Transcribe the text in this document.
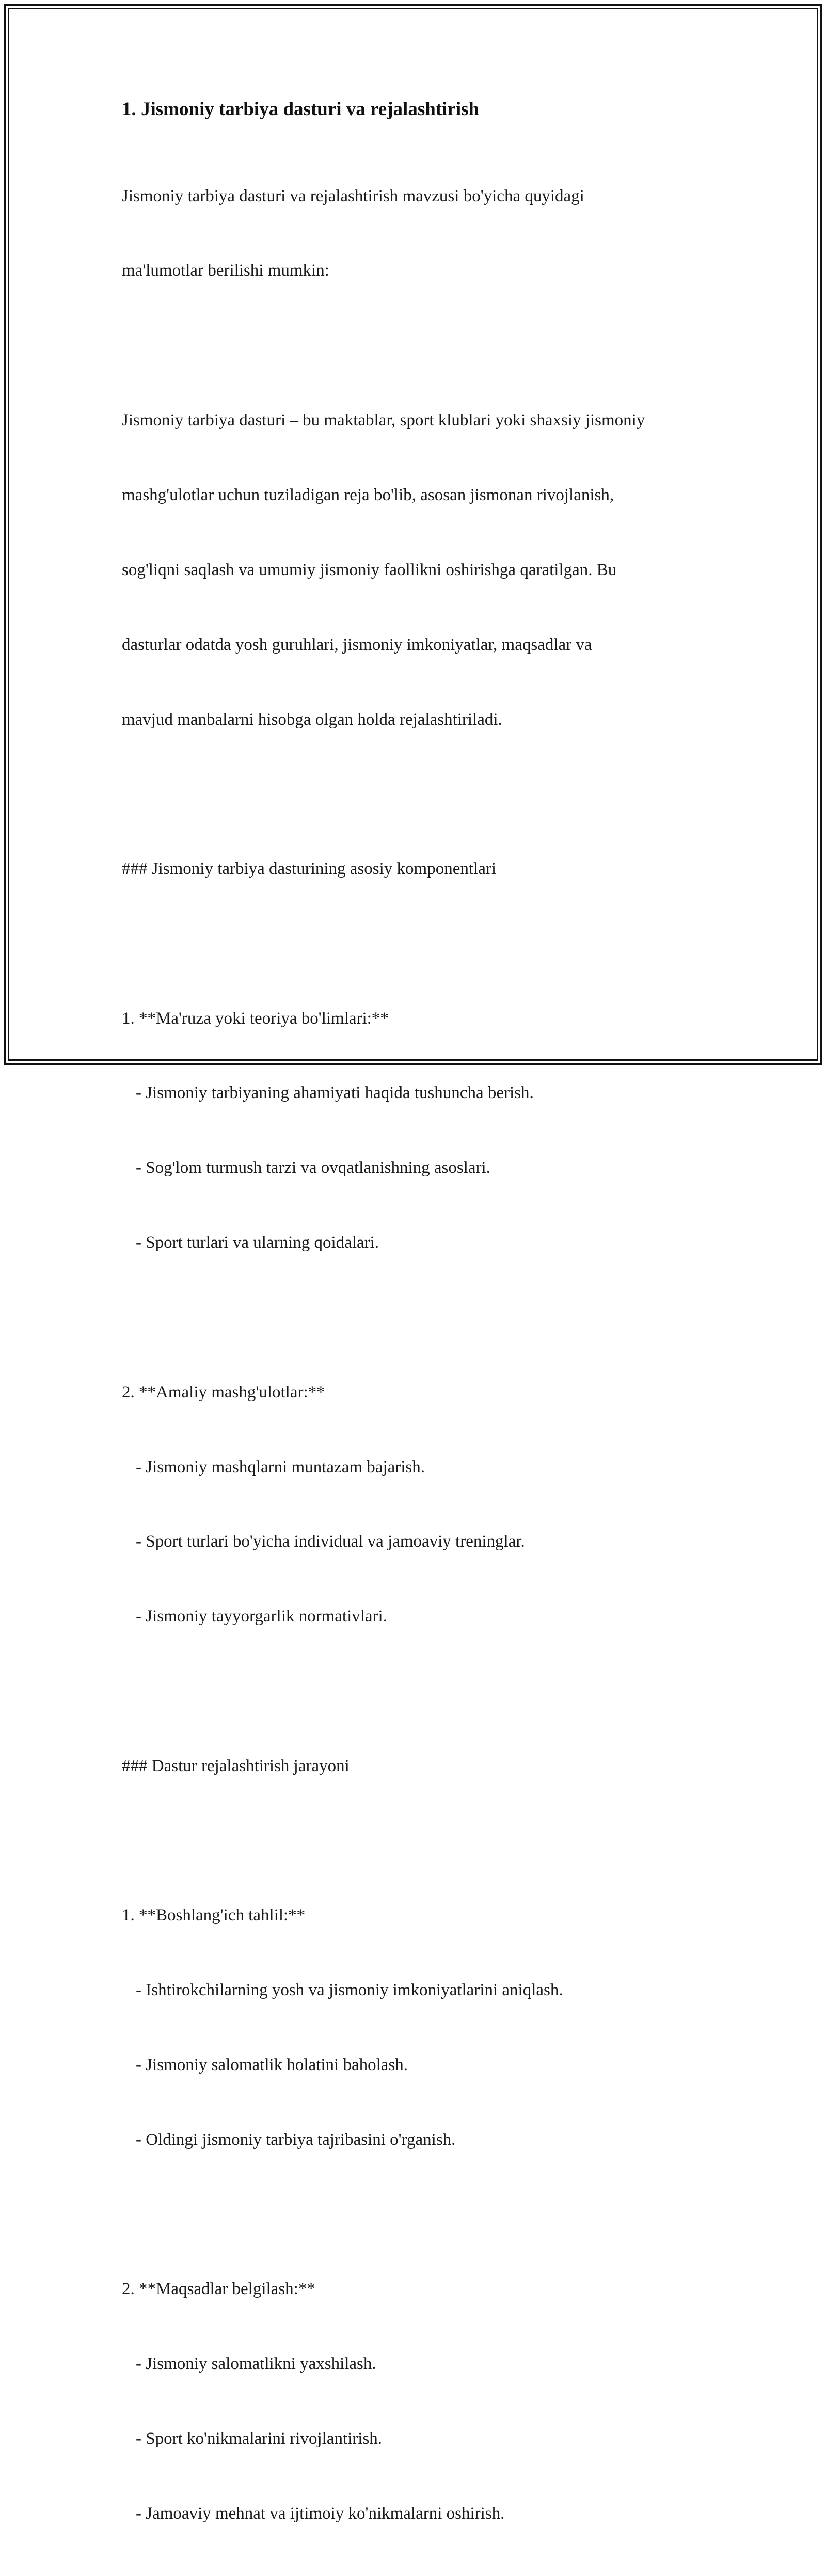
1. Jismoniy tarbiya dasturi va rejalashtirish

Jismoniy tarbiya dasturi va rejalashtirish mavzusi bo'yicha quyidagi

ma'lumotlar berilishi mumkin:

Jismoniy tarbiya dasturi – bu maktablar, sport klublari yoki shaxsiy jismoniy

mashg'ulotlar uchun tuziladigan reja bo'lib, asosan jismonan rivojlanish,

sog'liqni saqlash va umumiy jismoniy faollikni oshirishga qaratilgan. Bu

dasturlar odatda yosh guruhlari, jismoniy imkoniyatlar, maqsadlar va

mavjud manbalarni hisobga olgan holda rejalashtiriladi.

### Jismoniy tarbiya dasturining asosiy komponentlari

1. **Ma'ruza yoki teoriya bo'limlari:**

- Jismoniy tarbiyaning ahamiyati haqida tushuncha berish.

- Sog'lom turmush tarzi va ovqatlanishning asoslari.

- Sport turlari va ularning qoidalari.

2. **Amaliy mashg'ulotlar:**

- Jismoniy mashqlarni muntazam bajarish.

- Sport turlari bo'yicha individual va jamoaviy treninglar.

- Jismoniy tayyorgarlik normativlari.

### Dastur rejalashtirish jarayoni

1. **Boshlang'ich tahlil:**

- Ishtirokchilarning yosh va jismoniy imkoniyatlarini aniqlash.

- Jismoniy salomatlik holatini baholash.

- Oldingi jismoniy tarbiya tajribasini o'rganish.

2. **Maqsadlar belgilash:**

- Jismoniy salomatlikni yaxshilash.

- Sport ko'nikmalarini rivojlantirish.

- Jamoaviy mehnat va ijtimoiy ko'nikmalarni oshirish.
